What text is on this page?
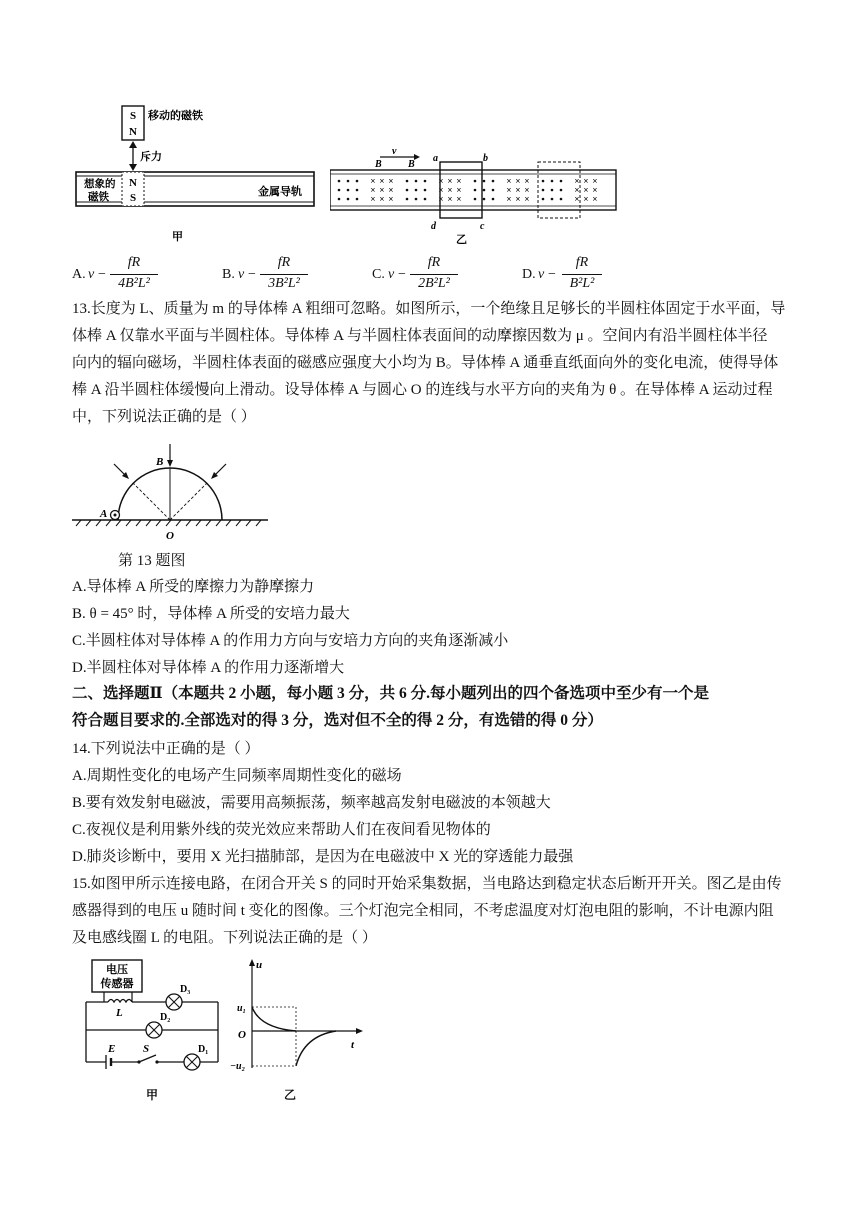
S
N
移动的磁铁
斥力
想象的
磁铁
N
S	金属导轨
甲
v
B	B
a	b
×
×
×
×
×
×
×
×
×
×
×
×
×
×
×
×
×
×
×
×
×
×
×
×
×
×
×
×
×
×
×
×
×
×
×
×
d	c
乙
A. v −
fR
4B²L²
B. v −
fR
3B²L²
C. v −
fR
2B²L²
D. v −
fR
B²L²
13.长度为 L、质量为 m 的导体棒 A 粗细可忽略。如图所示，一个绝缘且足够长的半圆柱体固定于水平面，导
体棒 A 仅靠水平面与半圆柱体。导体棒 A 与半圆柱体表面间的动摩擦因数为 μ 。空间内有沿半圆柱体半径
向内的辐向磁场，半圆柱体表面的磁感应强度大小均为 B。导体棒 A 通垂直纸面向外的变化电流，使得导体
棒 A 沿半圆柱体缓慢向上滑动。设导体棒 A 与圆心 O 的连线与水平方向的夹角为 θ 。在导体棒 A 运动过程
中，下列说法正确的是（ ）
A
B
O
第 13 题图
A.导体棒 A 所受的摩擦力为静摩擦力
B. θ = 45° 时，导体棒 A 所受的安培力最大
C.半圆柱体对导体棒 A 的作用力方向与安培力方向的夹角逐渐减小
D.半圆柱体对导体棒 A 的作用力逐渐增大
二、选择题Ⅱ（本题共 2 小题，每小题 3 分，共 6 分.每小题列出的四个备选项中至少有一个是
符合题目要求的.全部选对的得 3 分，选对但不全的得 2 分，有选错的得 0 分）
14.下列说法中正确的是（ ）
A.周期性变化的电场产生同频率周期性变化的磁场
B.要有效发射电磁波，需要用高频振荡，频率越高发射电磁波的本领越大
C.夜视仪是利用紫外线的荧光效应来帮助人们在夜间看见物体的
D.肺炎诊断中，要用 X 光扫描肺部，是因为在电磁波中 X 光的穿透能力最强
15.如图甲所示连接电路，在闭合开关 S 的同时开始采集数据，当电路达到稳定状态后断开开关。图乙是由传
感器得到的电压 u 随时间 t 变化的图像。三个灯泡完全相同，不考虑温度对灯泡电阻的影响，不计电源内阻
及电感线圈 L 的电阻。下列说法正确的是（ ）
电压
传感器
L
D₃
D₂
E	S	D₁
甲
u
t
u₁
O
−u₂
乙
